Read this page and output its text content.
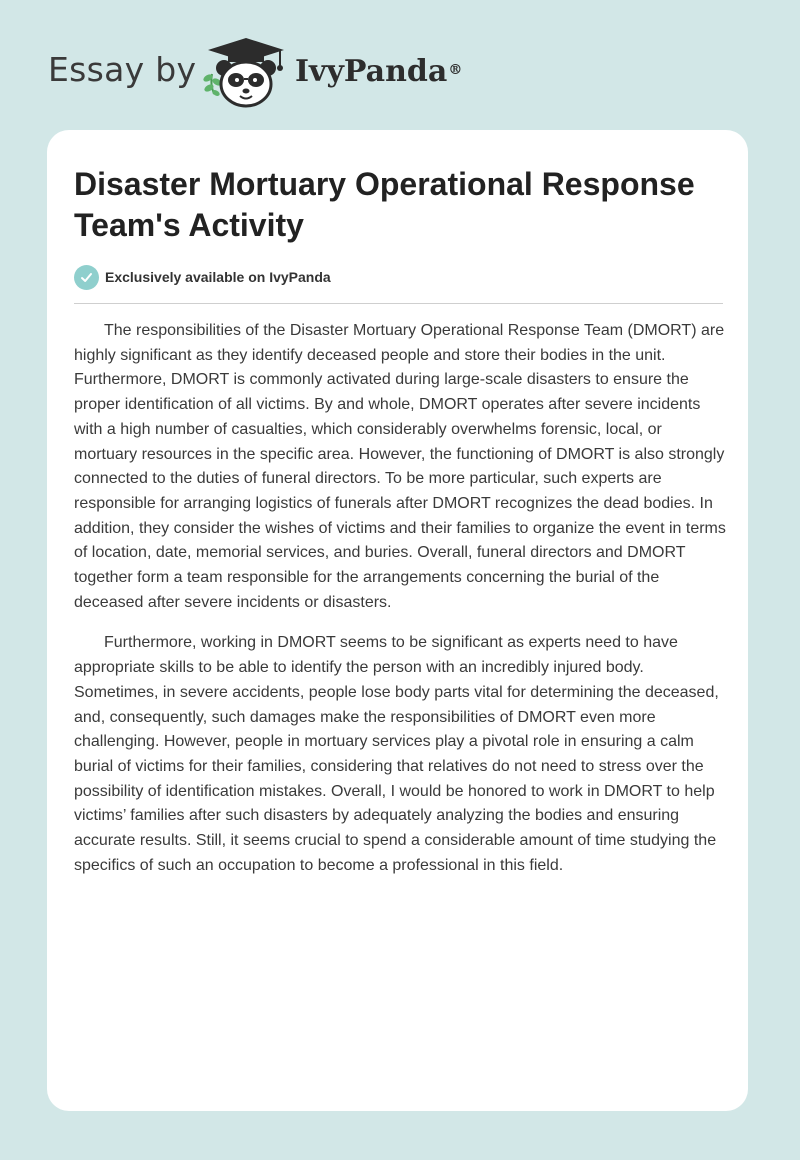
Essay by	IvyPanda®
Disaster Mortuary Operational Response Team's Activity
Exclusively available on IvyPanda

The responsibilities of the Disaster Mortuary Operational Response Team (DMORT) are highly significant as they identify deceased people and store their bodies in the unit. Furthermore, DMORT is commonly activated during large-scale disasters to ensure the proper identification of all victims. By and whole, DMORT operates after severe incidents with a high number of casualties, which considerably overwhelms forensic, local, or mortuary resources in the specific area. However, the functioning of DMORT is also strongly connected to the duties of funeral directors. To be more particular, such experts are responsible for arranging logistics of funerals after DMORT recognizes the dead bodies. In addition, they consider the wishes of victims and their families to organize the event in terms of location, date, memorial services, and buries. Overall, funeral directors and DMORT together form a team responsible for the arrangements concerning the burial of the deceased after severe incidents or disasters.

Furthermore, working in DMORT seems to be significant as experts need to have appropriate skills to be able to identify the person with an incredibly injured body. Sometimes, in severe accidents, people lose body parts vital for determining the deceased, and, consequently, such damages make the responsibilities of DMORT even more challenging. However, people in mortuary services play a pivotal role in ensuring a calm burial of victims for their families, considering that relatives do not need to stress over the possibility of identification mistakes. Overall, I would be honored to work in DMORT to help victims’ families after such disasters by adequately analyzing the bodies and ensuring accurate results. Still, it seems crucial to spend a considerable amount of time studying the specifics of such an occupation to become a professional in this field.
